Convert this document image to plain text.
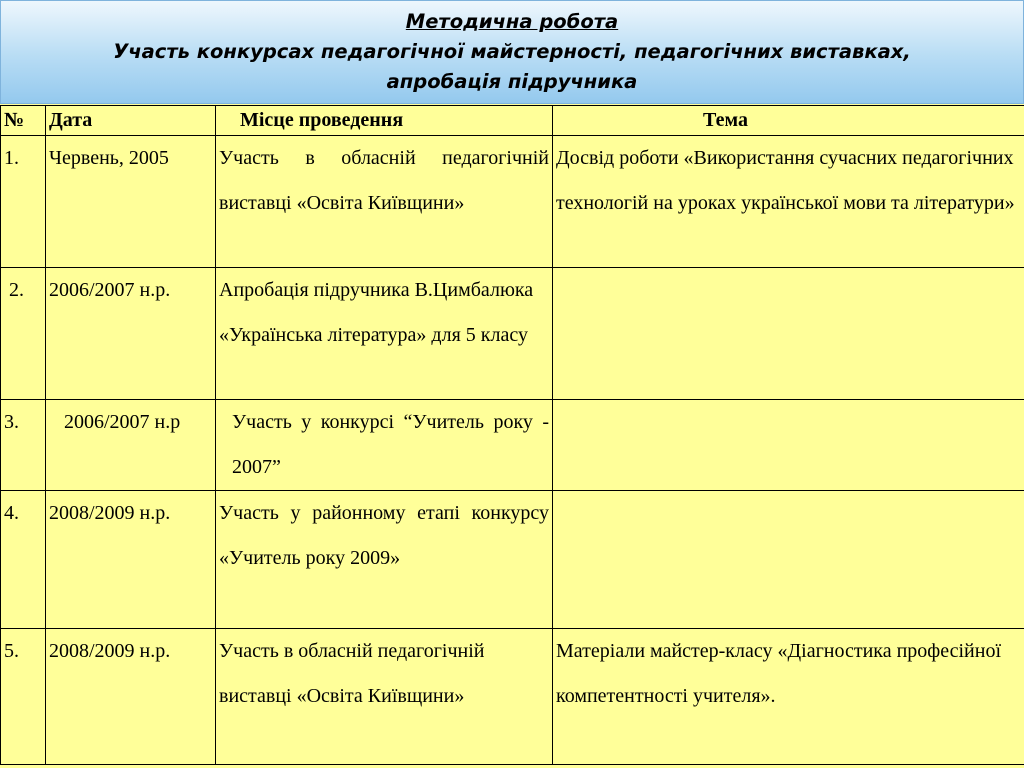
Методична робота
Участь конкурсах педагогічної майстерності, педагогічних виставках,
апробація підручника
№	Дата	Місце проведення	Тема
1.	Червень, 2005	Участь в обласній педагогічній виставці «Освіта Київщини»	Досвід роботи «Використання сучасних педагогічних технологій на уроках української мови та літератури»
2.	2006/2007 н.р.	Апробація підручника В.Цимбалюка «Українська література» для 5 класу	
3.	2006/2007 н.р	Участь у конкурсі “Учитель року - 2007”	
4.	2008/2009 н.р.	Участь у районному етапі конкурсу «Учитель року 2009»	
5.	2008/2009 н.р.	Участь в обласній педагогічній виставці «Освіта Київщини»	Матеріали майстер-класу «Діагностика професійної компетентності учителя».
